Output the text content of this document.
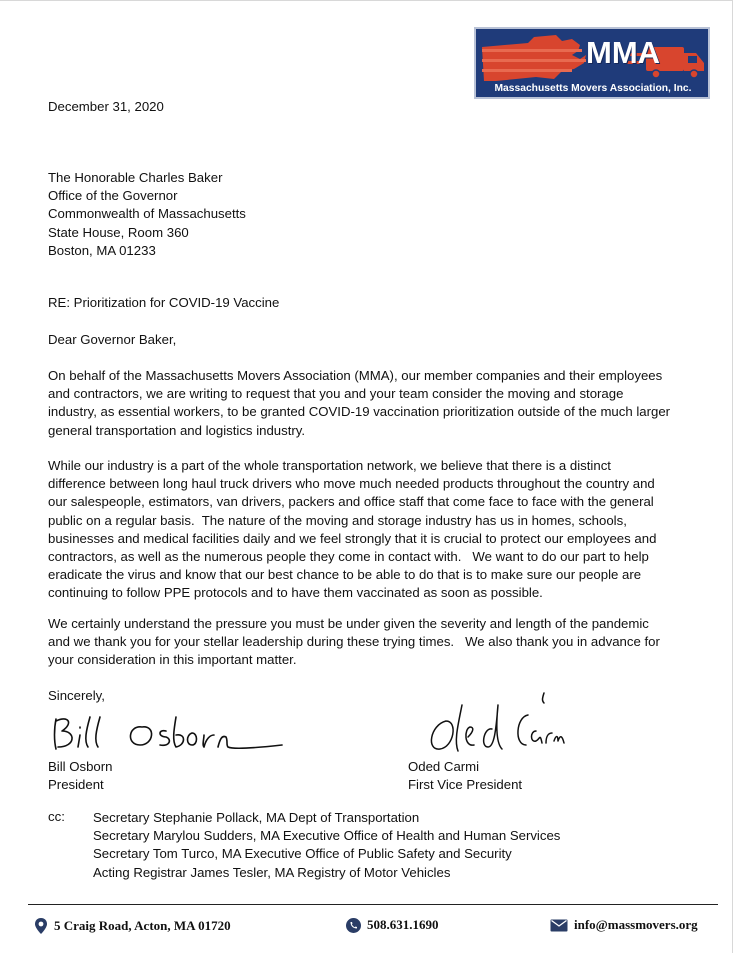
MMA
Massachusetts Movers Association, Inc.
December 31, 2020
The Honorable Charles Baker
Office of the Governor
Commonwealth of Massachusetts
State House, Room 360
Boston, MA 01233
RE: Prioritization for COVID-19 Vaccine
Dear Governor Baker,
On behalf of the Massachusetts Movers Association (MMA), our member companies and their employees
and contractors, we are writing to request that you and your team consider the moving and storage
industry, as essential workers, to be granted COVID-19 vaccination prioritization outside of the much larger
general transportation and logistics industry.
While our industry is a part of the whole transportation network, we believe that there is a distinct
difference between long haul truck drivers who move much needed products throughout the country and
our salespeople, estimators, van drivers, packers and office staff that come face to face with the general
public on a regular basis.  The nature of the moving and storage industry has us in homes, schools,
businesses and medical facilities daily and we feel strongly that it is crucial to protect our employees and
contractors, as well as the numerous people they come in contact with.   We want to do our part to help
eradicate the virus and know that our best chance to be able to do that is to make sure our people are
continuing to follow PPE protocols and to have them vaccinated as soon as possible.
We certainly understand the pressure you must be under given the severity and length of the pandemic
and we thank you for your stellar leadership during these trying times.   We also thank you in advance for
your consideration in this important matter.
Sincerely,
Bill Osborn
President
Oded Carmi
First Vice President
cc: Secretary Stephanie Pollack, MA Dept of Transportation
Secretary Marylou Sudders, MA Executive Office of Health and Human Services
Secretary Tom Turco, MA Executive Office of Public Safety and Security
Acting Registrar James Tesler, MA Registry of Motor Vehicles
5 Craig Road, Acton, MA 01720	508.631.1690	info@massmovers.org
